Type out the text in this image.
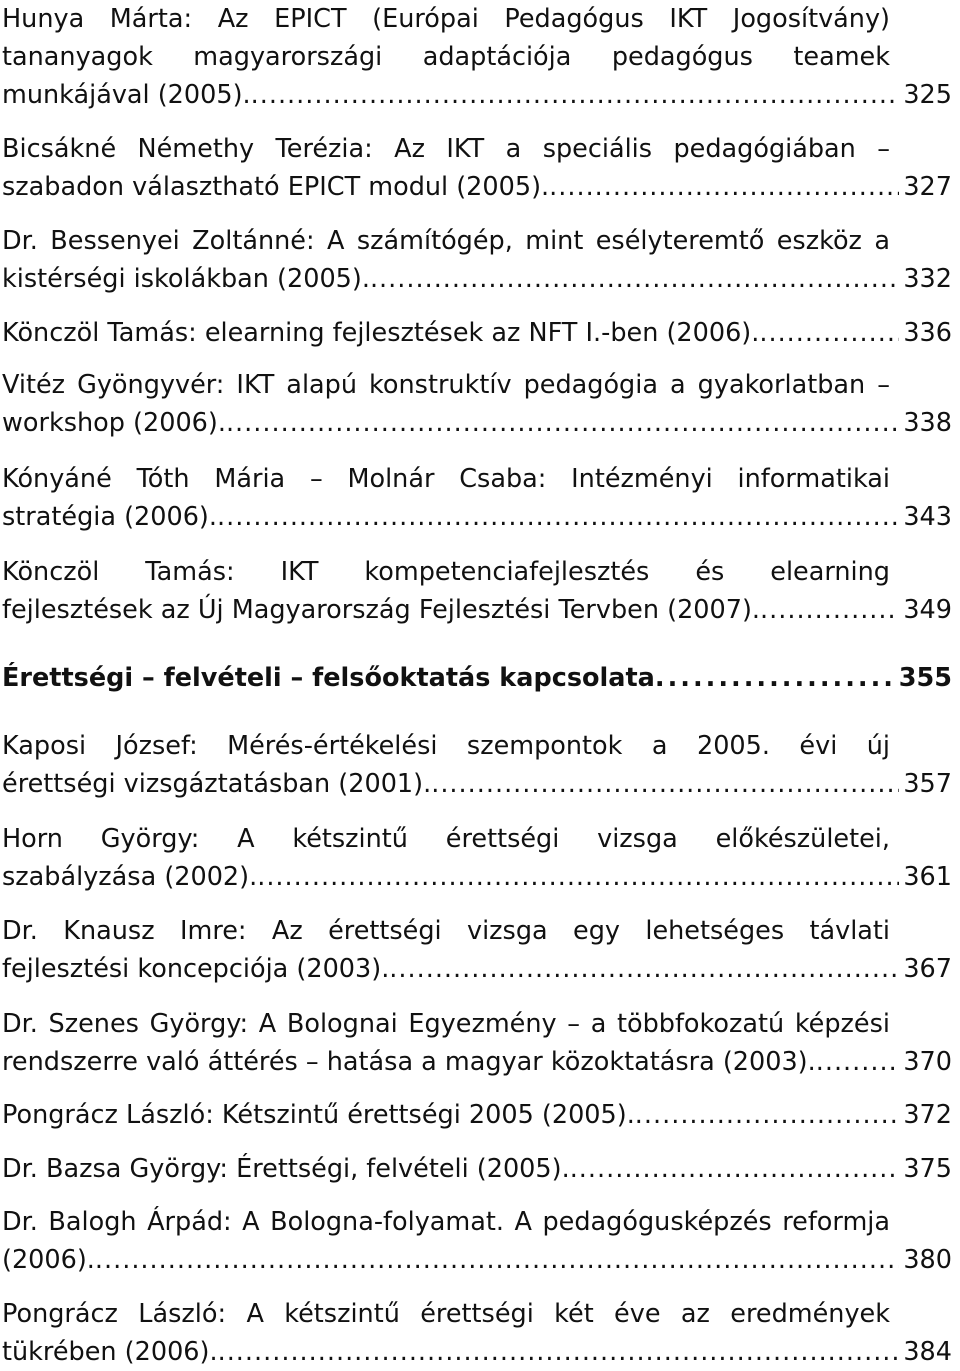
Hunya Márta: Az EPICT (Európai Pedagógus IKT Jogosítvány)
tananyagok magyarországi adaptációja pedagógus teamek
munkájával (2005). .....	325
Bicsákné Némethy Terézia: Az IKT a speciális pedagógiában –
szabadon választható EPICT modul (2005). .....	327
Dr. Bessenyei Zoltánné: A számítógép, mint esélyteremtő eszköz a
kistérségi iskolákban (2005). .....	332
Könczöl Tamás: elearning fejlesztések az NFT I.-ben (2006). .....	336
Vitéz Gyöngyvér: IKT alapú konstruktív pedagógia a gyakorlatban –
workshop (2006). .....	338
Kónyáné Tóth Mária – Molnár Csaba: Intézményi informatikai
stratégia (2006). .....	343
Könczöl Tamás: IKT kompetenciafejlesztés és elearning
fejlesztések az Új Magyarország Fejlesztési Tervben (2007). .....	349
Érettségi – felvételi – felsőoktatás kapcsolata .....	355
Kaposi József: Mérés-értékelési szempontok a 2005. évi új
érettségi vizsgáztatásban (2001). .....	357
Horn György: A kétszintű érettségi vizsga előkészületei,
szabályzása (2002). .....	361
Dr. Knausz Imre: Az érettségi vizsga egy lehetséges távlati
fejlesztési koncepciója (2003). .....	367
Dr. Szenes György: A Bolognai Egyezmény – a többfokozatú képzési
rendszerre való áttérés – hatása a magyar közoktatásra (2003). .....	370
Pongrácz László: Kétszintű érettségi 2005 (2005). .....	372
Dr. Bazsa György: Érettségi, felvételi (2005). .....	375
Dr. Balogh Árpád: A Bologna-folyamat. A pedagógusképzés reformja
(2006). .....	380
Pongrácz László: A kétszintű érettségi két éve az eredmények
tükrében (2006). .....	384
